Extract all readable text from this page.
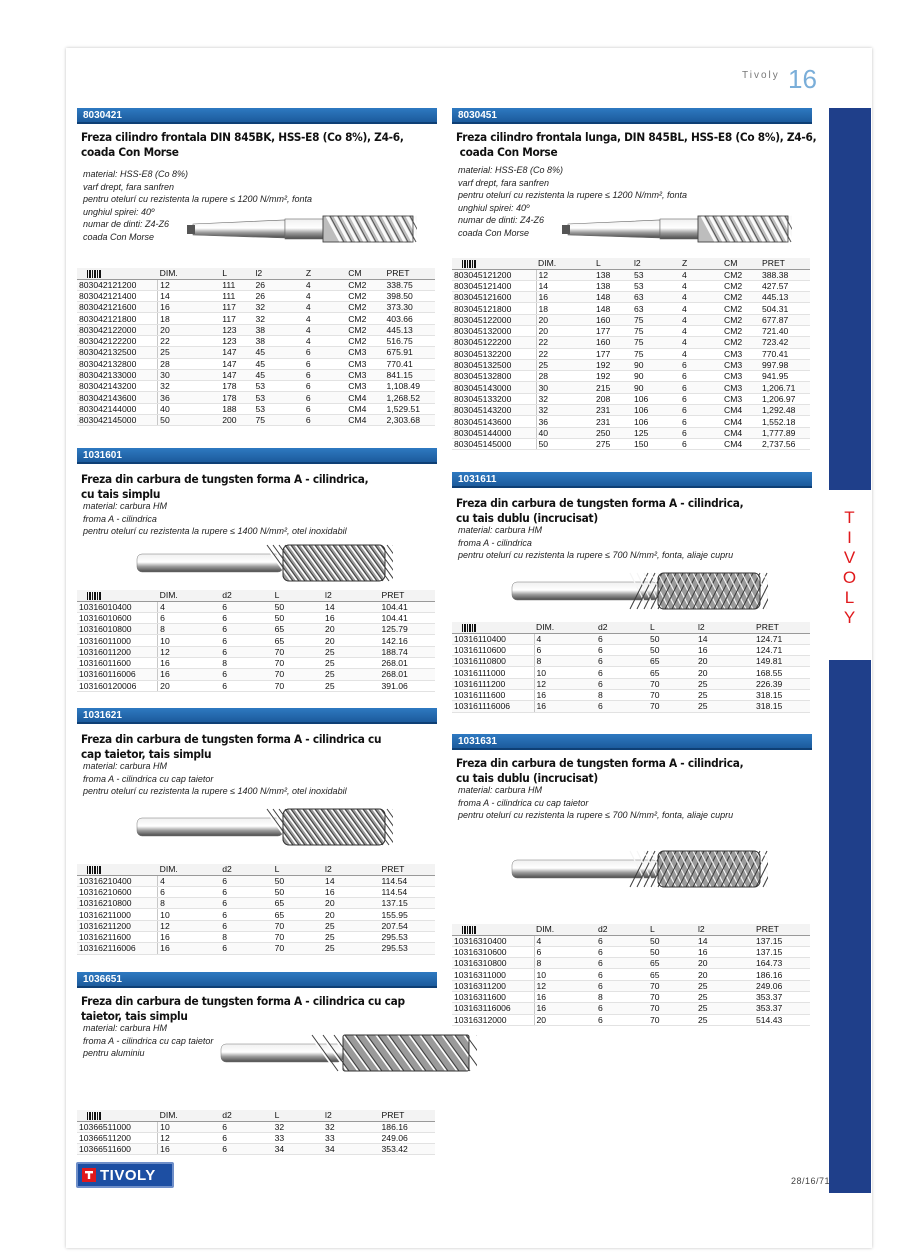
T
I
V
O
L
Y
Tivoly 16
8030421
Freza cilindro frontala DIN 845BK, HSS-E8 (Co 8%), Z4-6,
coada Con Morse
material: HSS-E8 (Co 8%)
varf drept, fara sanfren
pentru otelurí cu rezistenta la rupere ≤ 1200 N/mm², fonta
unghiul spirei: 40º
numar de dinti: Z4-Z6
coada Con Morse
	DIM.	L	l2	Z	CM	PRET
803042121200	12	111	26	4	CM2	338.75
803042121400	14	111	26	4	CM2	398.50
803042121600	16	117	32	4	CM2	373.30
803042121800	18	117	32	4	CM2	403.66
803042122000	20	123	38	4	CM2	445.13
803042122200	22	123	38	4	CM2	516.75
803042132500	25	147	45	6	CM3	675.91
803042132800	28	147	45	6	CM3	770.41
803042133000	30	147	45	6	CM3	841.15
803042143200	32	178	53	6	CM3	1,108.49
803042143600	36	178	53	6	CM4	1,268.52
803042144000	40	188	53	6	CM4	1,529.51
803042145000	50	200	75	6	CM4	2,303.68
8030451
Freza cilindro frontala lunga, DIN 845BL, HSS-E8 (Co 8%), Z4-6,
coada Con Morse
material: HSS-E8 (Co 8%)
varf drept, fara sanfren
pentru otelurí cu rezistenta la rupere ≤ 1200 N/mm², fonta
unghiul spirei: 40º
numar de dinti: Z4-Z6
coada Con Morse
	DIM.	L	l2	Z	CM	PRET
803045121200	12	138	53	4	CM2	388.38
803045121400	14	138	53	4	CM2	427.57
803045121600	16	148	63	4	CM2	445.13
803045121800	18	148	63	4	CM2	504.31
803045122000	20	160	75	4	CM2	677.87
803045132000	20	177	75	4	CM2	721.40
803045122200	22	160	75	4	CM2	723.42
803045132200	22	177	75	4	CM3	770.41
803045132500	25	192	90	6	CM3	997.98
803045132800	28	192	90	6	CM3	941.95
803045143000	30	215	90	6	CM3	1,206.71
803045133200	32	208	106	6	CM3	1,206.97
803045143200	32	231	106	6	CM4	1,292.48
803045143600	36	231	106	6	CM4	1,552.18
803045144000	40	250	125	6	CM4	1,777.89
803045145000	50	275	150	6	CM4	2,737.56
1031601
Freza din carbura de tungsten forma A - cilindrica,
cu tais simplu
material: carbura HM
froma A - cilindrica
pentru otelurí cu rezistenta la rupere ≤ 1400 N/mm², otel inoxidabil
	DIM.	d2	L	l2	PRET
10316010400	4	6	50	14	104.41
10316010600	6	6	50	16	104.41
10316010800	8	6	65	20	125.79
10316011000	10	6	65	20	142.16
10316011200	12	6	70	25	188.74
10316011600	16	8	70	25	268.01
10316011600​6	16	6	70	25	268.01
10316012000​6	20	6	70	25	391.06
1031611
Freza din carbura de tungsten forma A - cilindrica,
cu tais dublu (incrucisat)
material: carbura HM
froma A - cilindrica
pentru otelurí cu rezistenta la rupere ≤ 700 N/mm², fonta, aliaje cupru
	DIM.	d2	L	l2	PRET
10316110400	4	6	50	14	124.71
10316110600	6	6	50	16	124.71
10316110800	8	6	65	20	149.81
10316111000	10	6	65	20	168.55
10316111200	12	6	70	25	226.39
10316111600	16	8	70	25	318.15
103161116006	16	6	70	25	318.15
1031621
Freza din carbura de tungsten forma A - cilindrica cu
cap taietor, tais simplu
material: carbura HM
froma A - cilindrica cu cap taietor
pentru otelurí cu rezistenta la rupere ≤ 1400 N/mm², otel inoxidabil
	DIM.	d2	L	l2	PRET
10316210400	4	6	50	14	114.54
10316210600	6	6	50	16	114.54
10316210800	8	6	65	20	137.15
10316211000	10	6	65	20	155.95
10316211200	12	6	70	25	207.54
10316211600	16	8	70	25	295.53
103162116006	16	6	70	25	295.53
1031631
Freza din carbura de tungsten forma A - cilindrica,
cu tais dublu (incrucisat)
material: carbura HM
froma A - cilindrica cu cap taietor
pentru otelurí cu rezistenta la rupere ≤ 700 N/mm², fonta, aliaje cupru
	DIM.	d2	L	l2	PRET
10316310400	4	6	50	14	137.15
10316310600	6	6	50	16	137.15
10316310800	8	6	65	20	164.73
10316311000	10	6	65	20	186.16
10316311200	12	6	70	25	249.06
10316311600	16	8	70	25	353.37
103163116006	16	6	70	25	353.37
10316312000	20	6	70	25	514.43
1036651
Freza din carbura de tungsten forma A - cilindrica cu cap
taietor, tais simplu
material: carbura HM
froma A - cilindrica cu cap taietor
pentru aluminiu
	DIM.	d2	L	l2	PRET
10366511000	10	6	32	32	186.16
10366511200	12	6	33	33	249.06
10366511600	16	6	34	34	353.42
TIVOLY	28/16/71
